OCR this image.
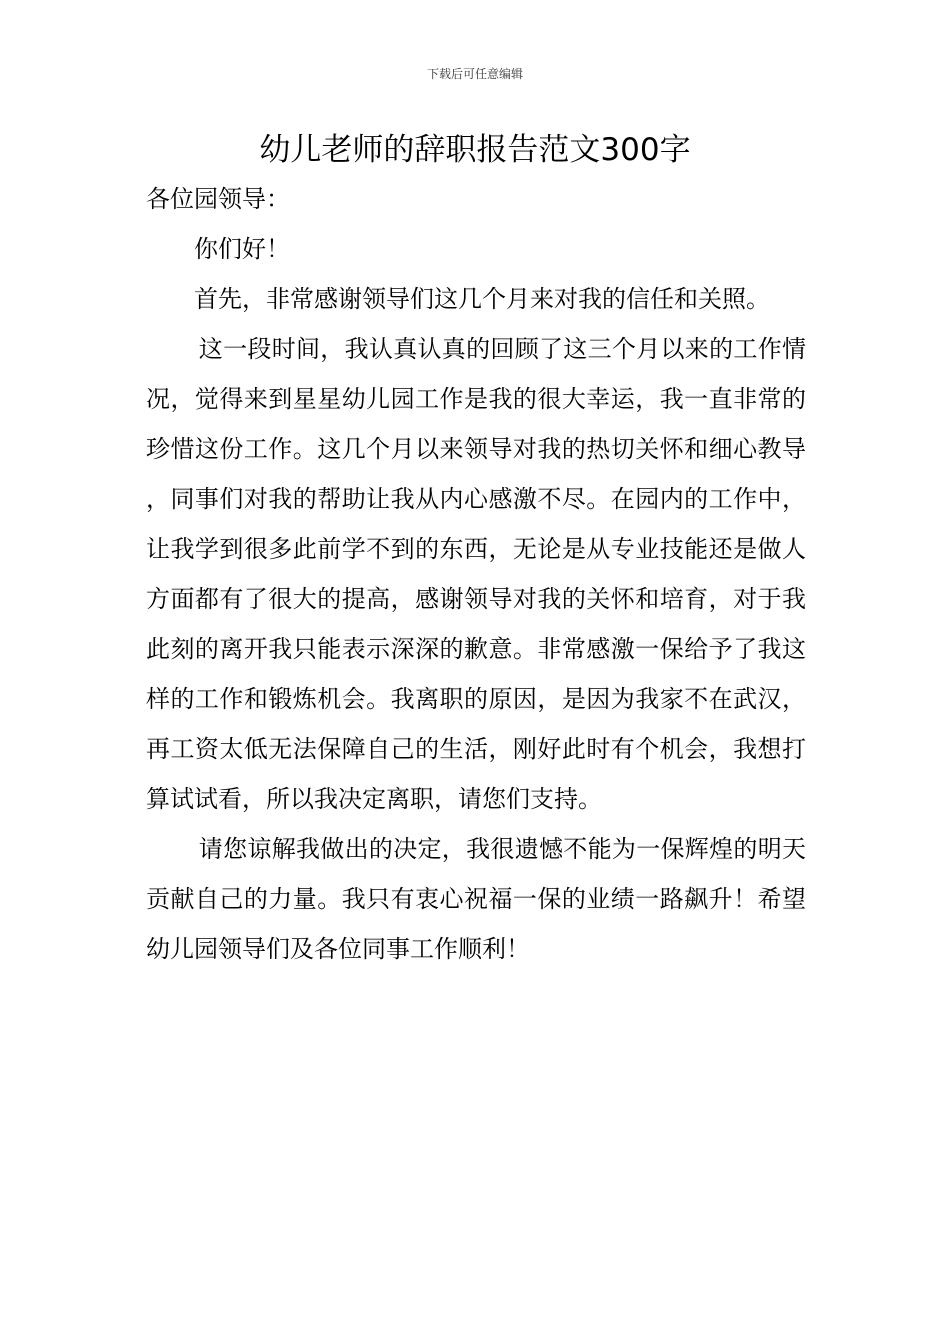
下载后可任意编辑
幼儿老师的辞职报告范文300字

各位园领导：

你们好！

首先，非常感谢领导们这几个月来对我的信任和关照。

这一段时间，我认真认真的回顾了这三个月以来的工作情况，觉得来到星星幼儿园工作是我的很大幸运，我一直非常的珍惜这份工作。这几个月以来领导对我的热切关怀和细心教导，同事们对我的帮助让我从内心感激不尽。在园内的工作中，让我学到很多此前学不到的东西，无论是从专业技能还是做人方面都有了很大的提高，感谢领导对我的关怀和培育，对于我此刻的离开我只能表示深深的歉意。非常感激一保给予了我这样的工作和锻炼机会。我离职的原因，是因为我家不在武汉，再工资太低无法保障自己的生活，刚好此时有个机会，我想打算试试看，所以我决定离职，请您们支持。

请您谅解我做出的决定，我很遗憾不能为一保辉煌的明天贡献自己的力量。我只有衷心祝福一保的业绩一路飙升！希望幼儿园领导们及各位同事工作顺利！
